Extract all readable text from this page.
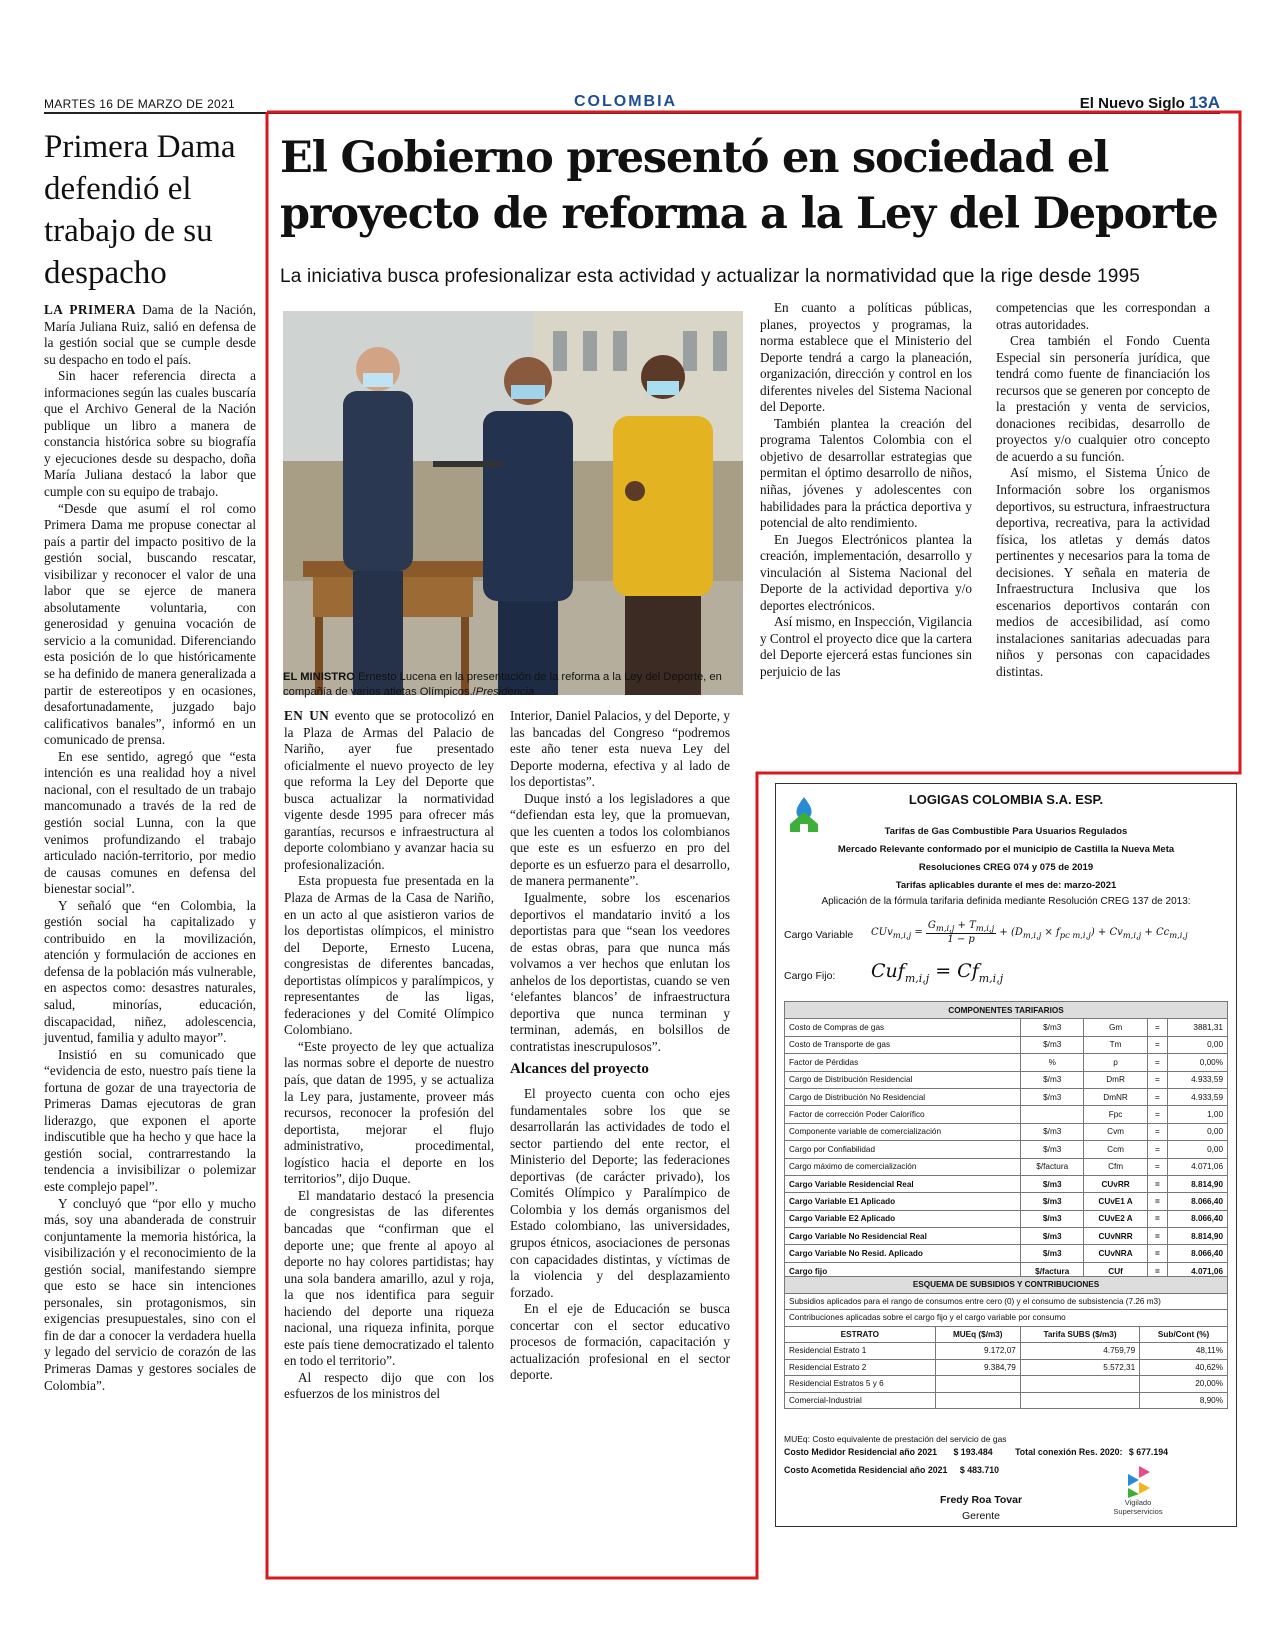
MARTES 16 DE MARZO DE 2021	COLOMBIA	El Nuevo Siglo 13A
Primera Dama defendió el trabajo de su despacho

LA PRIMERA Dama de la Nación, María Juliana Ruiz, salió en defensa de la gestión social que se cumple desde su despacho en todo el país.

Sin hacer referencia directa a informaciones según las cuales buscaría que el Archivo General de la Nación publique un libro a manera de constancia histórica sobre su biografía y ejecuciones desde su despacho, doña María Juliana destacó la labor que cumple con su equipo de trabajo.

“Desde que asumí el rol como Primera Dama me propuse conectar al país a partir del impacto positivo de la gestión social, buscando rescatar, visibilizar y reconocer el valor de una labor que se ejerce de manera absolutamente voluntaria, con generosidad y genuina vocación de servicio a la comunidad. Diferenciando esta posición de lo que históricamente se ha definido de manera generalizada a partir de estereotipos y en ocasiones, desafortunadamente, juzgado bajo calificativos banales”, informó en un comunicado de prensa.

En ese sentido, agregó que “esta intención es una realidad hoy a nivel nacional, con el resultado de un trabajo mancomunado a través de la red de gestión social Lunna, con la que venimos profundizando el trabajo articulado nación-territorio, por medio de causas comunes en defensa del bienestar social”.

Y señaló que “en Colombia, la gestión social ha capitalizado y contribuido en la movilización, atención y formulación de acciones en defensa de la población más vulnerable, en aspectos como: desastres naturales, salud, minorías, educación, discapacidad, niñez, adolescencia, juventud, familia y adulto mayor”.

Insistió en su comunicado que “evidencia de esto, nuestro país tiene la fortuna de gozar de una trayectoria de Primeras Damas ejecutoras de gran liderazgo, que exponen el aporte indiscutible que ha hecho y que hace la gestión social, contrarrestando la tendencia a invisibilizar o polemizar este complejo papel”.

Y concluyó que “por ello y mucho más, soy una abanderada de construir conjuntamente la memoria histórica, la visibilización y el reconocimiento de la gestión social, manifestando siempre que esto se hace sin intenciones personales, sin protagonismos, sin exigencias presupuestales, sino con el fin de dar a conocer la verdadera huella y legado del servicio de corazón de las Primeras Damas y gestores sociales de Colombia”.

El Gobierno presentó en sociedad el proyecto de reforma a la Ley del Deporte
La iniciativa busca profesionalizar esta actividad y actualizar la normatividad que la rige desde 1995
EL MINISTRO Ernesto Lucena en la presentación de la reforma a la Ley del Deporte, en compañía de varios atletas Olímpicos./Presidencia

EN UN evento que se protocolizó en la Plaza de Armas del Palacio de Nariño, ayer fue presentado oficialmente el nuevo proyecto de ley que reforma la Ley del Deporte que busca actualizar la normatividad vigente desde 1995 para ofrecer más garantías, recursos e infraestructura al deporte colombiano y avanzar hacia su profesionalización.

Esta propuesta fue presentada en la Plaza de Armas de la Casa de Nariño, en un acto al que asistieron varios de los deportistas olímpicos, el ministro del Deporte, Ernesto Lucena, congresistas de diferentes bancadas, deportistas olímpicos y paralímpicos, y representantes de las ligas, federaciones y del Comité Olímpico Colombiano.

“Este proyecto de ley que actualiza las normas sobre el deporte de nuestro país, que datan de 1995, y se actualiza la Ley para, justamente, proveer más recursos, reconocer la profesión del deportista, mejorar el flujo administrativo, procedimental, logístico hacia el deporte en los territorios”, dijo Duque.

El mandatario destacó la presencia de congresistas de las diferentes bancadas que “confirman que el deporte une; que frente al apoyo al deporte no hay colores partidistas; hay una sola bandera amarillo, azul y roja, la que nos identifica para seguir haciendo del deporte una riqueza nacional, una riqueza infinita, porque este país tiene democratizado el talento en todo el territorio”.

Al respecto dijo que con los esfuerzos de los ministros del

Interior, Daniel Palacios, y del Deporte, y las bancadas del Congreso “podremos este año tener esta nueva Ley del Deporte moderna, efectiva y al lado de los deportistas”.

Duque instó a los legisladores a que “defiendan esta ley, que la promuevan, que les cuenten a todos los colombianos que este es un esfuerzo en pro del deporte es un esfuerzo para el desarrollo, de manera permanente”.

Igualmente, sobre los escenarios deportivos el mandatario invitó a los deportistas para que “sean los veedores de estas obras, para que nunca más volvamos a ver hechos que enlutan los anhelos de los deportistas, cuando se ven ‘elefantes blancos’ de infraestructura deportiva que nunca terminan y terminan, además, en bolsillos de contratistas inescrupulosos”.

Alcances del proyecto

El proyecto cuenta con ocho ejes fundamentales sobre los que se desarrollarán las actividades de todo el sector partiendo del ente rector, el Ministerio del Deporte; las federaciones deportivas (de carácter privado), los Comités Olímpico y Paralímpico de Colombia y los demás organismos del Estado colombiano, las universidades, grupos étnicos, asociaciones de personas con capacidades distintas, y víctimas de la violencia y del desplazamiento forzado.

En el eje de Educación se busca concertar con el sector educativo procesos de formación, capacitación y actualización profesional en el sector deporte.

En cuanto a políticas públicas, planes, proyectos y programas, la norma establece que el Ministerio del Deporte tendrá a cargo la planeación, organización, dirección y control en los diferentes niveles del Sistema Nacional del Deporte.

También plantea la creación del programa Talentos Colombia con el objetivo de desarrollar estrategias que permitan el óptimo desarrollo de niños, niñas, jóvenes y adolescentes con habilidades para la práctica deportiva y potencial de alto rendimiento.

En Juegos Electrónicos plantea la creación, implementación, desarrollo y vinculación al Sistema Nacional del Deporte de la actividad deportiva y/o deportes electrónicos.

Así mismo, en Inspección, Vigilancia y Control el proyecto dice que la cartera del Deporte ejercerá estas funciones sin perjuicio de las

competencias que les correspondan a otras autoridades.

Crea también el Fondo Cuenta Especial sin personería jurídica, que tendrá como fuente de financiación los recursos que se generen por concepto de la prestación y venta de servicios, donaciones recibidas, desarrollo de proyectos y/o cualquier otro concepto de acuerdo a su función.

Así mismo, el Sistema Único de Información sobre los organismos deportivos, su estructura, infraestructura deportiva, recreativa, para la actividad física, los atletas y demás datos pertinentes y necesarios para la toma de decisiones. Y señala en materia de Infraestructura Inclusiva que los escenarios deportivos contarán con medios de accesibilidad, así como instalaciones sanitarias adecuadas para niños y personas con capacidades distintas.

LOGIGAS COLOMBIA S.A. ESP.
Tarifas de Gas Combustible Para Usuarios Regulados
Mercado Relevante conformado por el municipio de Castilla la Nueva Meta
Resoluciones CREG 074 y 075 de 2019
Tarifas aplicables durante el mes de: marzo-2021
Aplicación de la fórmula tarifaria definida mediante Resolución CREG 137 de 2013:
Cargo Variable $CUv_{m,i,j} = \frac{G_{m,i,j} + T_{m,i,j}}{1 - p} + (D_{m,i,j} \times f_{pc m,i,j}) + Cv_{m,i,j} + Cc_{m,i,j}$
Cargo Fijo: $Cuf_{m,i,j} = Cf_{m,i,j}$
COMPONENTES TARIFARIOS				
Costo de Compras de gas	$/m3	Gm	=	3881,31
Costo de Transporte de gas	$/m3	Tm	=	0,00
Factor de Pérdidas	%	p	=	0,00%
Cargo de Distribución Residencial	$/m3	DmR	=	4.933,59
Cargo de Distribución No Residencial	$/m3	DmNR	=	4.933,59
Factor de corrección Poder Calorífico		Fpc	=	1,00
Componente variable de comercialización	$/m3	Cvm	=	0,00
Cargo por Confiabilidad	$/m3	Ccm	=	0,00
Cargo máximo de comercialización	$/factura	Cfm	=	4.071,06
Cargo Variable Residencial Real	$/m3	CUvRR	=	8.814,90
Cargo Variable E1 Aplicado	$/m3	CUvE1 A	=	8.066,40
Cargo Variable E2 Aplicado	$/m3	CUvE2 A	=	8.066,40
Cargo Variable No Residencial Real	$/m3	CUvNRR	=	8.814,90
Cargo Variable No Resid. Aplicado	$/m3	CUvNRA	=	8.066,40
Cargo fijo	$/factura	CUf	=	4.071,06
ESQUEMA DE SUBSIDIOS Y CONTRIBUCIONES			
Subsidios aplicados para el rango de consumos entre cero (0) y el consumo de subsistencia (7.26 m3)			
Contribuciones aplicadas sobre el cargo fijo y el cargo variable por consumo			
ESTRATO	MUEq ($/m3)	Tarifa SUBS ($/m3)	Sub/Cont (%)
Residencial Estrato 1	9.172,07	4.759,79	48,11%
Residencial Estrato 2	9.384,79	5.572,31	40,62%
Residencial Estratos 5 y 6			20,00%
Comercial-Industrial			8,90%
MUEq: Costo equivalente de prestación del servicio de gas
Costo Medidor Residencial año 2021 $ 193.484	Total conexión Res. 2020: $ 677.194
Costo Acometida Residencial año 2021 $ 483.710
Fredy Roa Tovar
Gerente
Vigilado
Superservicios
